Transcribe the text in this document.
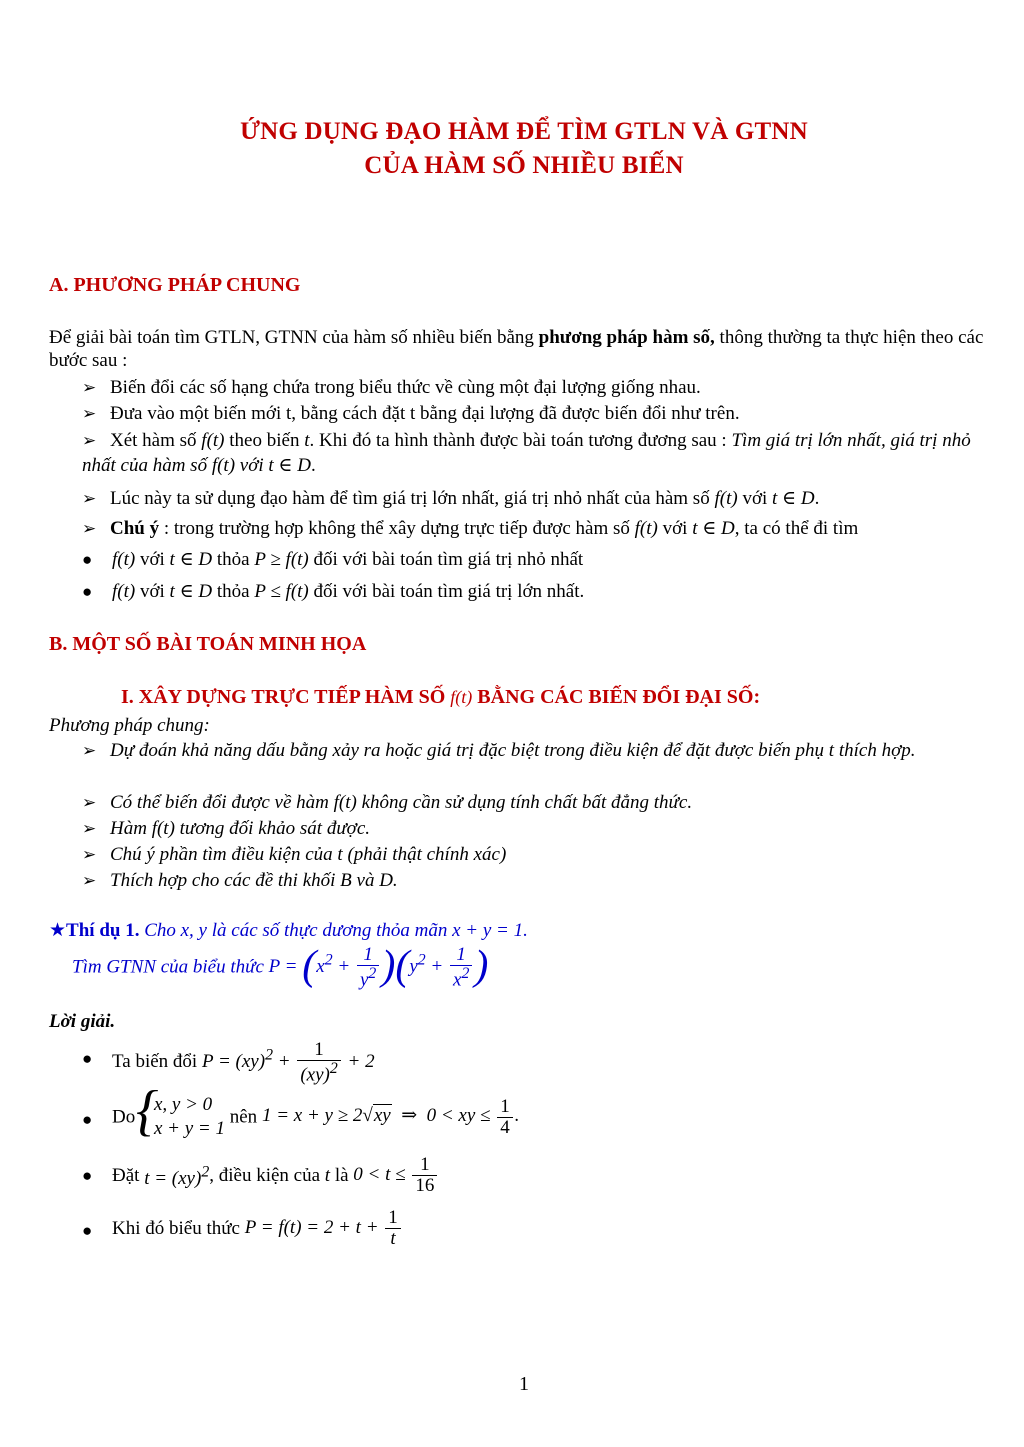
ỨNG DỤNG ĐẠO HÀM ĐỂ TÌM GTLN VÀ GTNN
CỦA HÀM SỐ NHIỀU BIẾN
A. PHƯƠNG PHÁP CHUNG
Để giải bài toán tìm GTLN, GTNN của hàm số nhiều biến bằng phương pháp hàm số, thông thường ta thực hiện theo các bước sau :
➢ Biến đổi các số hạng chứa trong biểu thức về cùng một đại lượng giống nhau.
➢ Đưa vào một biến mới t, bằng cách đặt t bằng đại lượng đã được biến đổi như trên.
➢ Xét hàm số f(t) theo biến t. Khi đó ta hình thành được bài toán tương đương sau : Tìm giá trị lớn nhất, giá trị nhỏ nhất của hàm số f(t) với t ∈ D.
➢ Lúc này ta sử dụng đạo hàm để tìm giá trị lớn nhất, giá trị nhỏ nhất của hàm số f(t) với t ∈ D.
➢ Chú ý : trong trường hợp không thể xây dựng trực tiếp được hàm số f(t) với t ∈ D, ta có thể đi tìm
● f(t) với t ∈ D thỏa P ≥ f(t) đối với bài toán tìm giá trị nhỏ nhất
● f(t) với t ∈ D thỏa P ≤ f(t) đối với bài toán tìm giá trị lớn nhất.
B. MỘT SỐ BÀI TOÁN MINH HỌA
I. XÂY DỰNG TRỰC TIẾP HÀM SỐ f(t) BẰNG CÁC BIẾN ĐỔI ĐẠI SỐ:
Phương pháp chung:
➢ Dự đoán khả năng dấu bằng xảy ra hoặc giá trị đặc biệt trong điều kiện để đặt được biến phụ t thích hợp.
➢ Có thể biến đổi được về hàm f(t) không cần sử dụng tính chất bất đẳng thức.
➢ Hàm f(t) tương đối khảo sát được.
➢ Chú ý phần tìm điều kiện của t (phải thật chính xác)
➢ Thích hợp cho các đề thi khối B và D.
★Thí dụ 1. Cho x, y là các số thực dương thỏa mãn x + y = 1.
Tìm GTNN của biểu thức $P = (x^2 + \frac{1}{y^2} )(y^2 + \frac{1}{x^2}$ )
Lời giải.
● Ta biến đổi $P = (xy)^2 + \frac{1}{(xy)^2} + 2$
● Do {
x, y > 0
x + y = 1 nên 1 = x + y ≥ 2√xy  ⇒  0 < xy ≤ $\frac{1}{4}$ .
● Đặt t = (xy)$^2$, điều kiện của t là $0 < t \le \frac{1}{16}$
● Khi đó biểu thức $P = f(t) = 2 + t + \frac{1}{t}$
1
